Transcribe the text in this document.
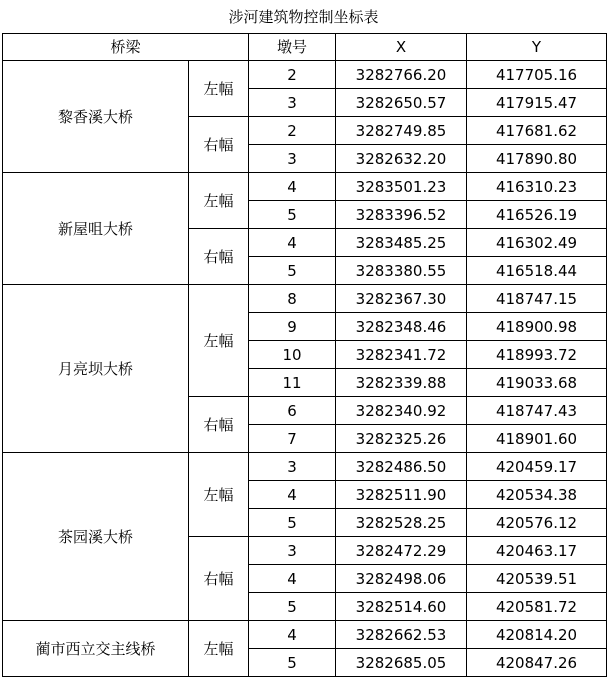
涉河建筑物控制坐标表
桥梁		墩号	X	Y
黎香溪大桥	左幅	2	3282766.20	417705.16
		3	3282650.57	417915.47
	右幅	2	3282749.85	417681.62
		3	3282632.20	417890.80
新屋咀大桥	左幅	4	3283501.23	416310.23
		5	3283396.52	416526.19
	右幅	4	3283485.25	416302.49
		5	3283380.55	416518.44
月亮坝大桥	左幅	8	3282367.30	418747.15
		9	3282348.46	418900.98
		10	3282341.72	418993.72
		11	3282339.88	419033.68
	右幅	6	3282340.92	418747.43
		7	3282325.26	418901.60
茶园溪大桥	左幅	3	3282486.50	420459.17
		4	3282511.90	420534.38
		5	3282528.25	420576.12
	右幅	3	3282472.29	420463.17
		4	3282498.06	420539.51
		5	3282514.60	420581.72
蔺市西立交主线桥	左幅	4	3282662.53	420814.20
		5	3282685.05	420847.26
